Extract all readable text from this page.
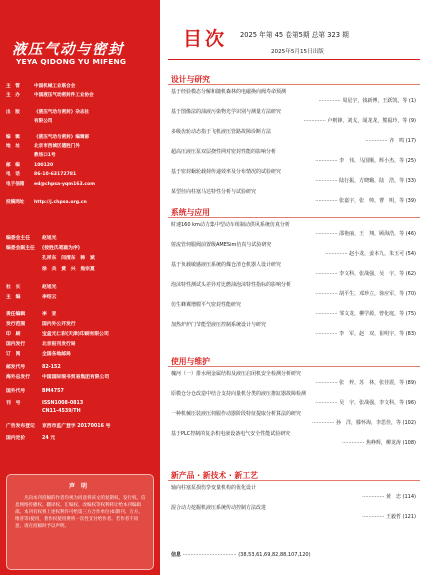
液压气动与密封
YEYA QIDONG YU MIFENG
主　管	中国机械工业联合会
主　办	中国液压气动密封件工业协会
出　版	《液压气动与密封》杂志社
有限公司
编　辑	《液压气动与密封》编辑部
地　址	北京市西城区德胜门外
教场口1号
邮　编	100120
电　话	86-10-63172781
电子信箱 ed@chpsa-yqm163.com
投稿网址 http://j.chpsa.org.cn
编委会主任	赵旭光
编委会副主任 (按姓氏笔画为序)
孔祥东　闫清东　韩　斌
徐　兵　黄　兴　焦宗夏
社　长	赵旭光
主　编	李绍云
责任编辑	李　亚
发行范围	国内外公开发行
印　刷	宝盒元仁彩(天津)印刷有限公司
国内发行	北京报刊发行局
订　阅	全国各地邮局
邮发代号	82-152
海外总发行	中国国际图书贸易集团有限公司
国外代号	BM4757
刊　号	ISSN1008-0813
CN11-4539/TH
广告发布登记 京西市监广登字 20170016 号
国内定价	24 元
声明
凡向本刊投稿的作者均视为同意将该文的复制权、发行权、信息网络传播权、翻译权、汇编权、改编权等权利转让给本刊编辑部。本刊有权将上述权利许可给第三方合作单位(如期刊、万方、维普等)使用，著作权使用费将一次性支付给作者。若作者不同意，请在投稿时予以声明。
目次 2025 年第 45 卷第5期 总第 323 期
2025年5月15日出版
设计与研究
基于经验模态分解和随机森林的电磁换向阀寿命预测
·············· 周星宇，钱新博，王跃凯，等 (1)
基于图像法的油液污染物光学识别与测量方法研究
·············· 卢则锋，刘戈，闻龙龙，熊福玲，等 (9)
多级齿轮动态指于飞机液压管路故障诊断方法
·············· 齐　鸣 (17)
超高压液压泵双层挠性网对密封性能的影响分析
·············· 李　伟，马国顺，辉小杰，等 (25)
基于密封蜗轮载荷传递效率及分布情况的试验研究
·············· 陆行振，方晓璐，陆　浩，等 (33)
某型径向柱塞马达特性分析与试验研究
·············· 张嘉宇，张　帅，曹　明，等 (39)
系统与应用
时速160 km动力集中型动车组制动供风系统仿真分析
·············· 邵艳丽，王　翔，顾海浩，等 (46)
射流管伺服阀前置级AMESim仿真与试验研究
·············· 赵小龙，姜本九，朱玉可 (54)
基于负载敏感液压系统的煤仓清仓机器人设计研究
·············· 李文科，张战强，吴　宇，等 (62)
泡沫特性测试头差异对比燃油泡沫特性指标的影响分析
·············· 胡平生，邓珍立，徐应军，等 (70)
仿生蜂翼增膛平气密封性能研究
·············· 邹文龙，柳学源，曾化庭，等 (75)
加热炉炉门节能型液压控制系统设计与研究
·············· 李　军，赵　双，崔明宇，等 (83)
使用与维护
槐河（一）排水闸金属结构及液压启闭机安全检测分析研究
·············· 张　梓，苏　林，张佳震，等 (89)
原模仓分仓改造中结合支持向量机分类的液压推缸器故障检测
·············· 吴　宇，张战强，李文科，等 (96)
一种机械压装液压伺服作动器阶段特征提取分析算法的研究
·············· 孙　洋，滕怀海，李思佳，等 (102)
基于PLC控制的复杂机电液设备电气安全性能试验研究
·············· 焦峥辉，柳龙涛 (108)
新产品 · 新技术 · 新工艺
轴向柱塞泵损伤孪变量机构的优化设计
·············· 黄　忠 (114)
混合动力挖掘机液压系统传动控制方法改进
·············· 王毅哲 (121)
信息 ·································· (38,53,61,69,82,88,107,120)
